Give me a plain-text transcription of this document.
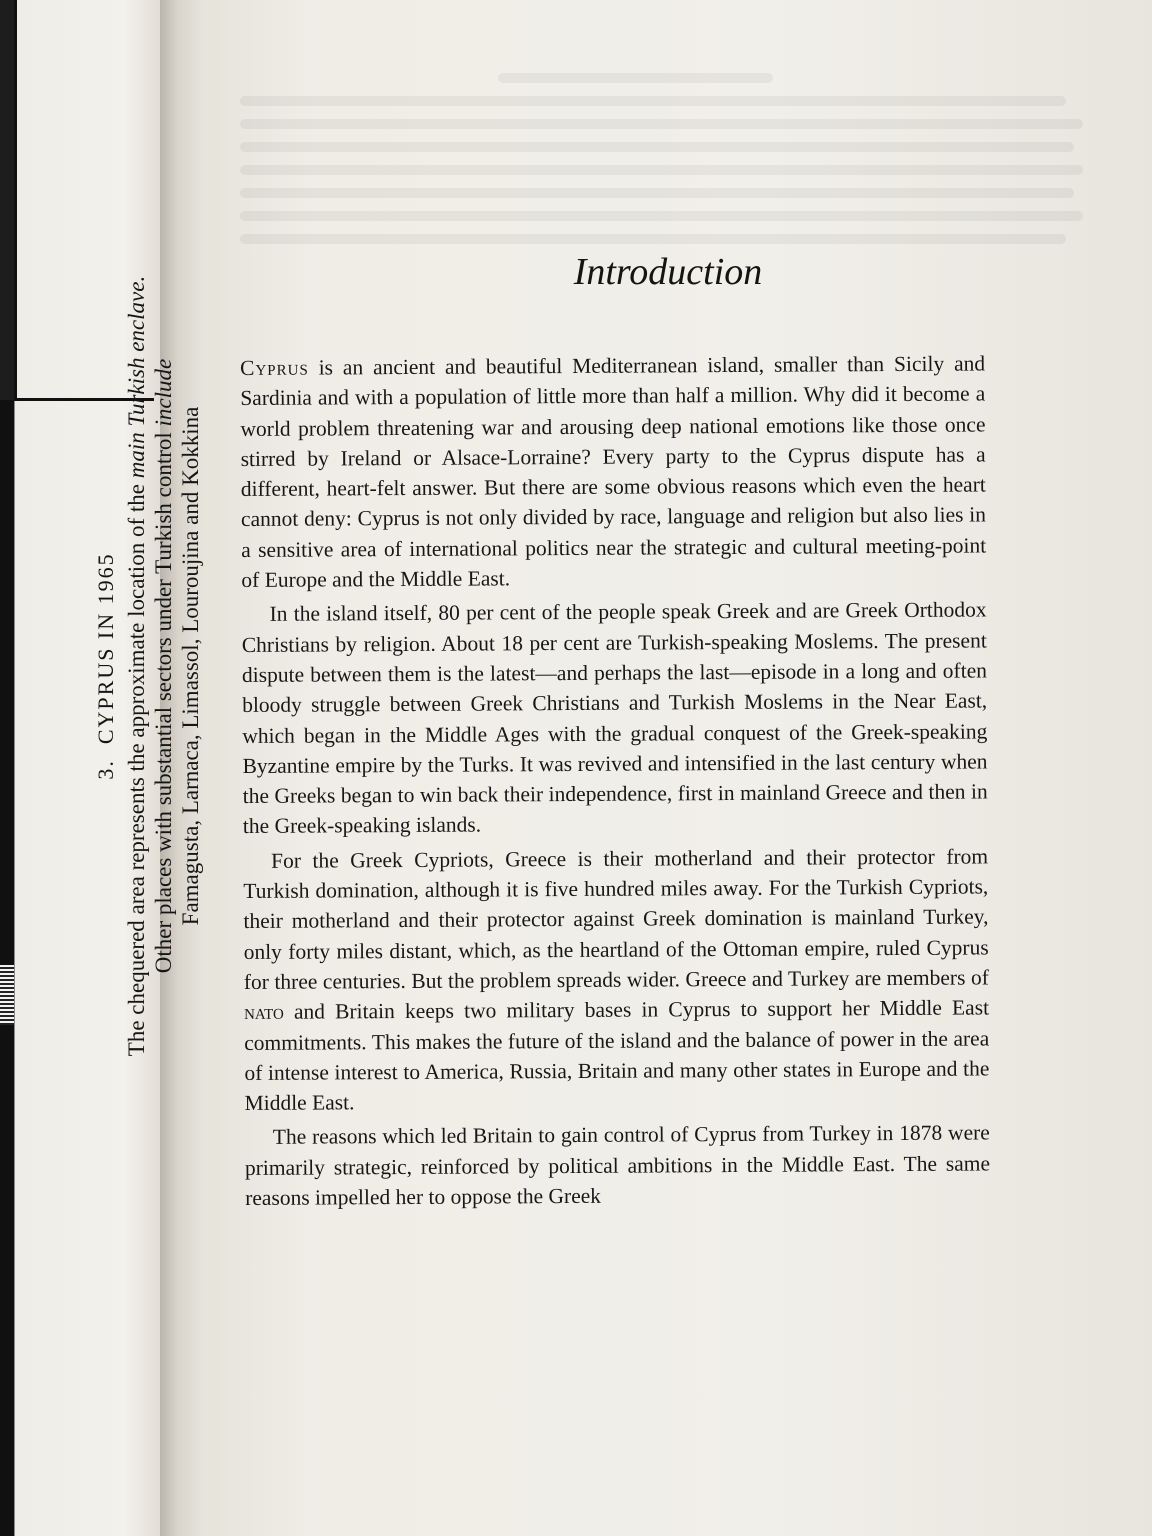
Introduction

Cyprus is an ancient and beautiful Mediterranean island, smaller than Sicily and Sardinia and with a population of little more than half a million. Why did it become a world problem threatening war and arousing deep national emotions like those once stirred by Ireland or Alsace-Lorraine? Every party to the Cyprus dispute has a different, heart-felt answer. But there are some obvious reasons which even the heart cannot deny: Cyprus is not only divided by race, language and religion but also lies in a sensitive area of international politics near the strategic and cultural meeting-point of Europe and the Middle East.

In the island itself, 80 per cent of the people speak Greek and are Greek Orthodox Christians by religion. About 18 per cent are Turkish-speaking Moslems. The present dispute between them is the latest—and perhaps the last—episode in a long and often bloody struggle between Greek Christians and Turkish Moslems in the Near East, which began in the Middle Ages with the gradual conquest of the Greek-speaking Byzantine empire by the Turks. It was revived and intensified in the last century when the Greeks began to win back their independence, first in mainland Greece and then in the Greek-speaking islands.

For the Greek Cypriots, Greece is their motherland and their protector from Turkish domination, although it is five hundred miles away. For the Turkish Cypriots, their motherland and their protector against Greek domination is mainland Turkey, only forty miles distant, which, as the heartland of the Ottoman empire, ruled Cyprus for three centuries. But the problem spreads wider. Greece and Turkey are members of nato and Britain keeps two military bases in Cyprus to support her Middle East commitments. This makes the future of the island and the balance of power in the area of intense interest to America, Russia, Britain and many other states in Europe and the Middle East.

The reasons which led Britain to gain control of Cyprus from Turkey in 1878 were primarily strategic, reinforced by political ambitions in the Middle East. The same reasons impelled her to oppose the Greek

3.  CYPRUS IN 1965 The chequered area represents the approximate location of the main Turkish enclave.
Other places with substantial sectors under Turkish control include
Famagusta, Larnaca, Limassol, Louroujina and Kokkina
